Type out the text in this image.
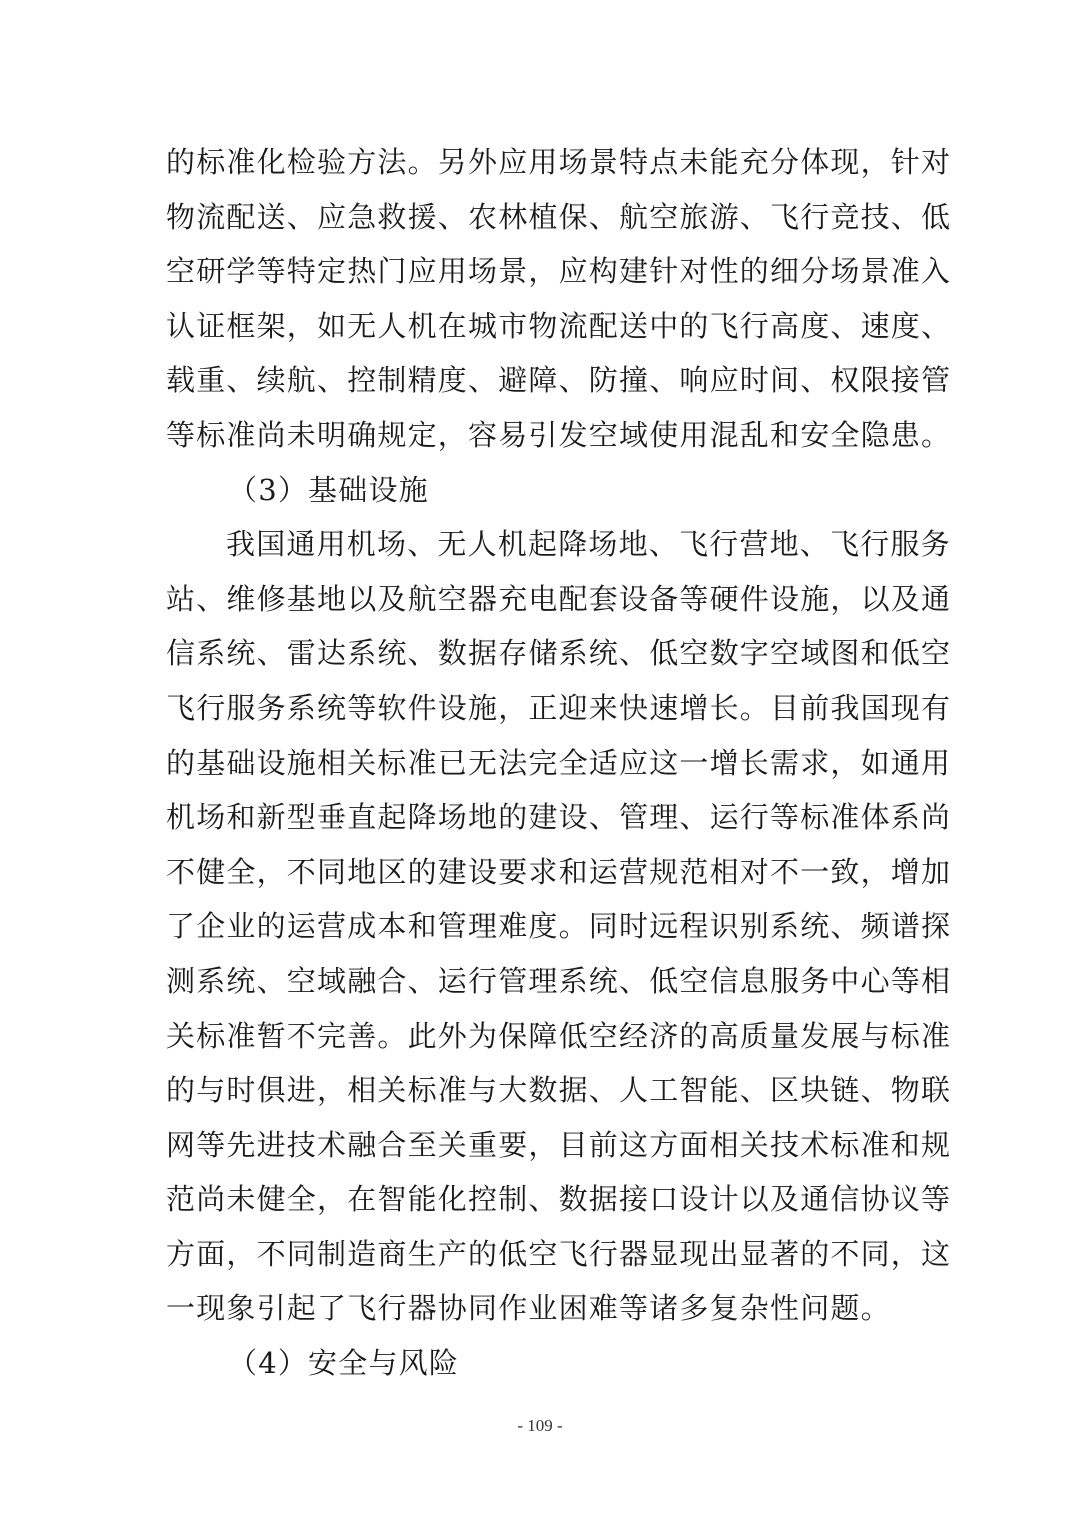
的标准化检验方法。另外应用场景特点未能充分体现，针对
物流配送、应急救援、农林植保、航空旅游、飞行竞技、低
空研学等特定热门应用场景，应构建针对性的细分场景准入
认证框架，如无人机在城市物流配送中的飞行高度、速度、
载重、续航、控制精度、避障、防撞、响应时间、权限接管
等标准尚未明确规定，容易引发空域使用混乱和安全隐患。
（3）基础设施
我国通用机场、无人机起降场地、飞行营地、飞行服务
站、维修基地以及航空器充电配套设备等硬件设施，以及通
信系统、雷达系统、数据存储系统、低空数字空域图和低空
飞行服务系统等软件设施，正迎来快速增长。目前我国现有
的基础设施相关标准已无法完全适应这一增长需求，如通用
机场和新型垂直起降场地的建设、管理、运行等标准体系尚
不健全，不同地区的建设要求和运营规范相对不一致，增加
了企业的运营成本和管理难度。同时远程识别系统、频谱探
测系统、空域融合、运行管理系统、低空信息服务中心等相
关标准暂不完善。此外为保障低空经济的高质量发展与标准
的与时俱进，相关标准与大数据、人工智能、区块链、物联
网等先进技术融合至关重要，目前这方面相关技术标准和规
范尚未健全，在智能化控制、数据接口设计以及通信协议等
方面，不同制造商生产的低空飞行器显现出显著的不同，这
一现象引起了飞行器协同作业困难等诸多复杂性问题。
（4）安全与风险
- 109 -
